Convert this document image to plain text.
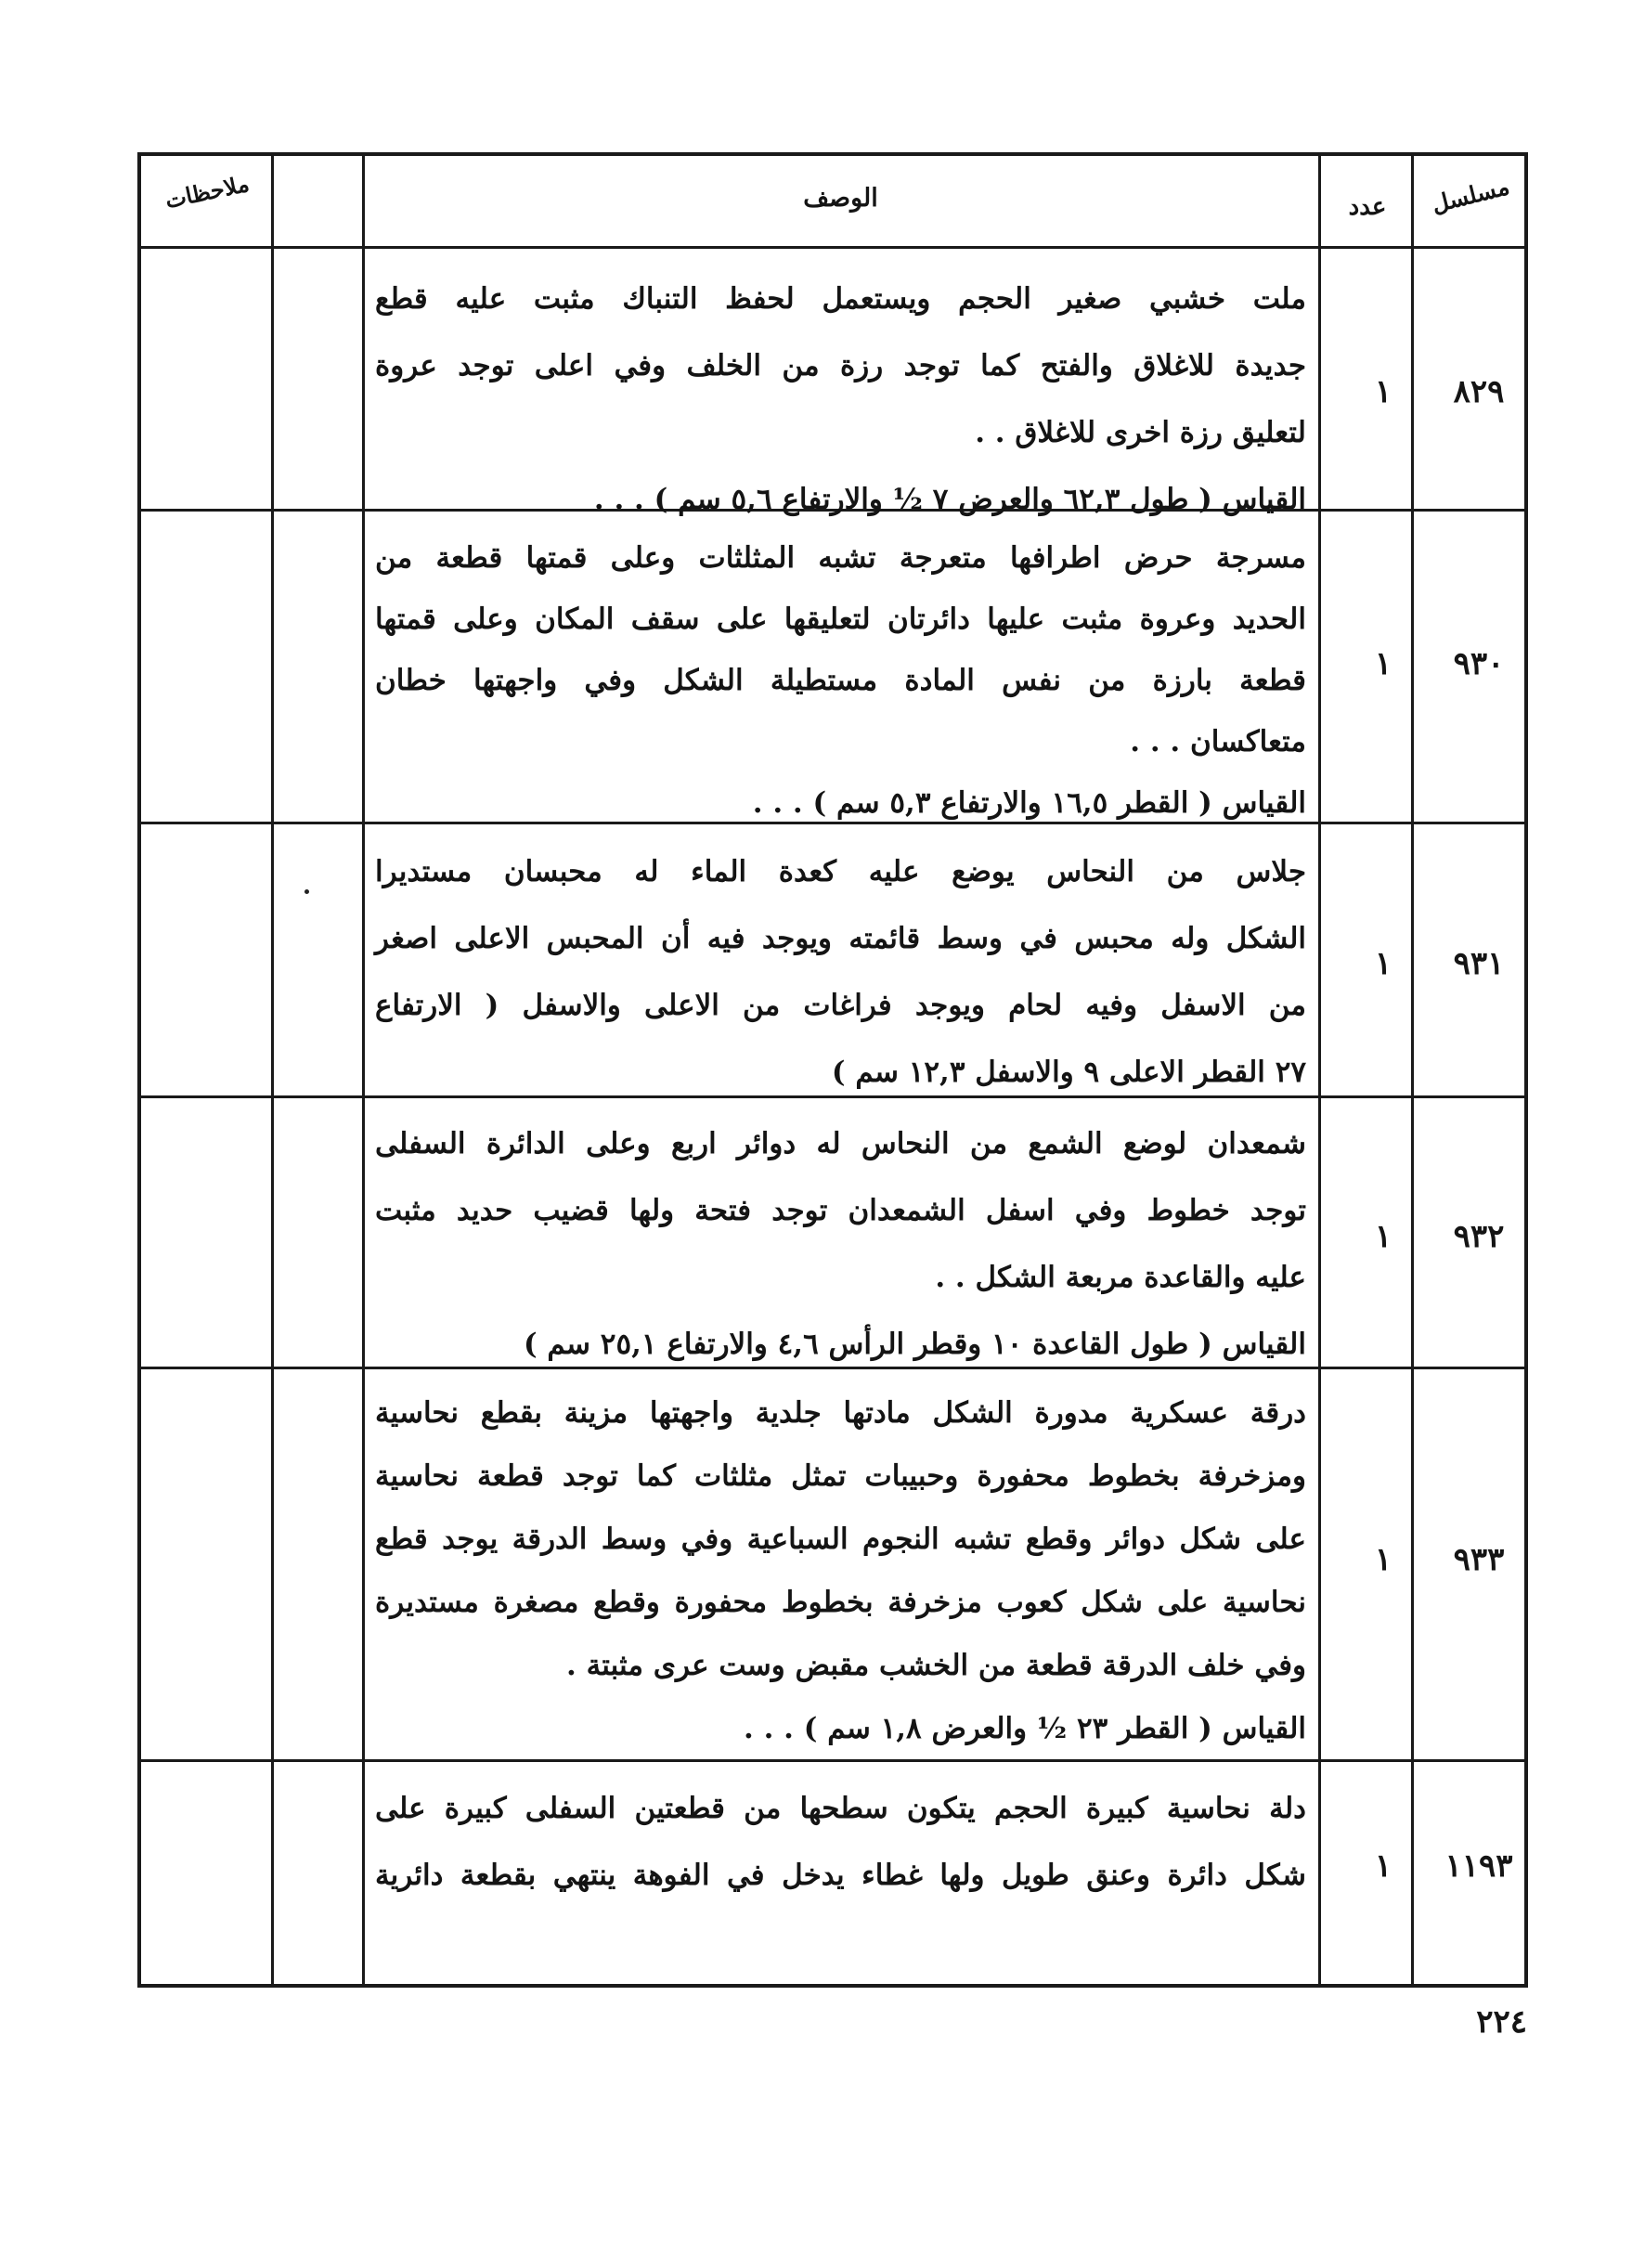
ملاحظات	الوصف	عدد	مسلسل
ملت خشبي صغير الحجم ويستعمل لحفظ التنباك مثبت عليه قطع
جديدة للاغلاق والفتح كما توجد رزة من الخلف وفي اعلى توجد عروة
لتعليق رزة اخرى للاغلاق . .
القياس ( طول ٦٢,٣ والعرض ٧ ½ والارتفاع ٥,٦ سم ) . . .
١	٨٢٩
مسرجة حرض اطرافها متعرجة تشبه المثلثات وعلى قمتها قطعة من
الحديد وعروة مثبت عليها دائرتان لتعليقها على سقف المكان وعلى قمتها
قطعة بارزة من نفس المادة مستطيلة الشكل وفي واجهتها خطان
متعاكسان . . .
القياس ( القطر ١٦,٥ والارتفاع ٥,٣ سم ) . . .
١	٩٣٠
جلاس من النحاس يوضع عليه كعدة الماء له محبسان مستديرا
الشكل وله محبس في وسط قائمته ويوجد فيه أن المحبس الاعلى اصغر
من الاسفل وفيه لحام ويوجد فراغات من الاعلى والاسفل ( الارتفاع
٢٧ القطر الاعلى ٩ والاسفل ١٢,٣ سم )
١	٩٣١
شمعدان لوضع الشمع من النحاس له دوائر اربع وعلى الدائرة السفلى
توجد خطوط وفي اسفل الشمعدان توجد فتحة ولها قضيب حديد مثبت
عليه والقاعدة مربعة الشكل . .
القياس ( طول القاعدة ١٠ وقطر الرأس ٤,٦ والارتفاع ٢٥,١ سم )
١	٩٣٢
درقة عسكرية مدورة الشكل مادتها جلدية واجهتها مزينة بقطع نحاسية
ومزخرفة بخطوط محفورة وحبيبات تمثل مثلثات كما توجد قطعة نحاسية
على شكل دوائر وقطع تشبه النجوم السباعية وفي وسط الدرقة يوجد قطع
نحاسية على شكل كعوب مزخرفة بخطوط محفورة وقطع مصغرة مستديرة
وفي خلف الدرقة قطعة من الخشب مقبض وست عرى مثبتة .
القياس ( القطر ٢٣ ½ والعرض ١,٨ سم ) . . .
١	٩٣٣
دلة نحاسية كبيرة الحجم يتكون سطحها من قطعتين السفلى كبيرة على
شكل دائرة وعنق طويل ولها غطاء يدخل في الفوهة ينتهي بقطعة دائرية	١	١١٩٣
٢٢٤
